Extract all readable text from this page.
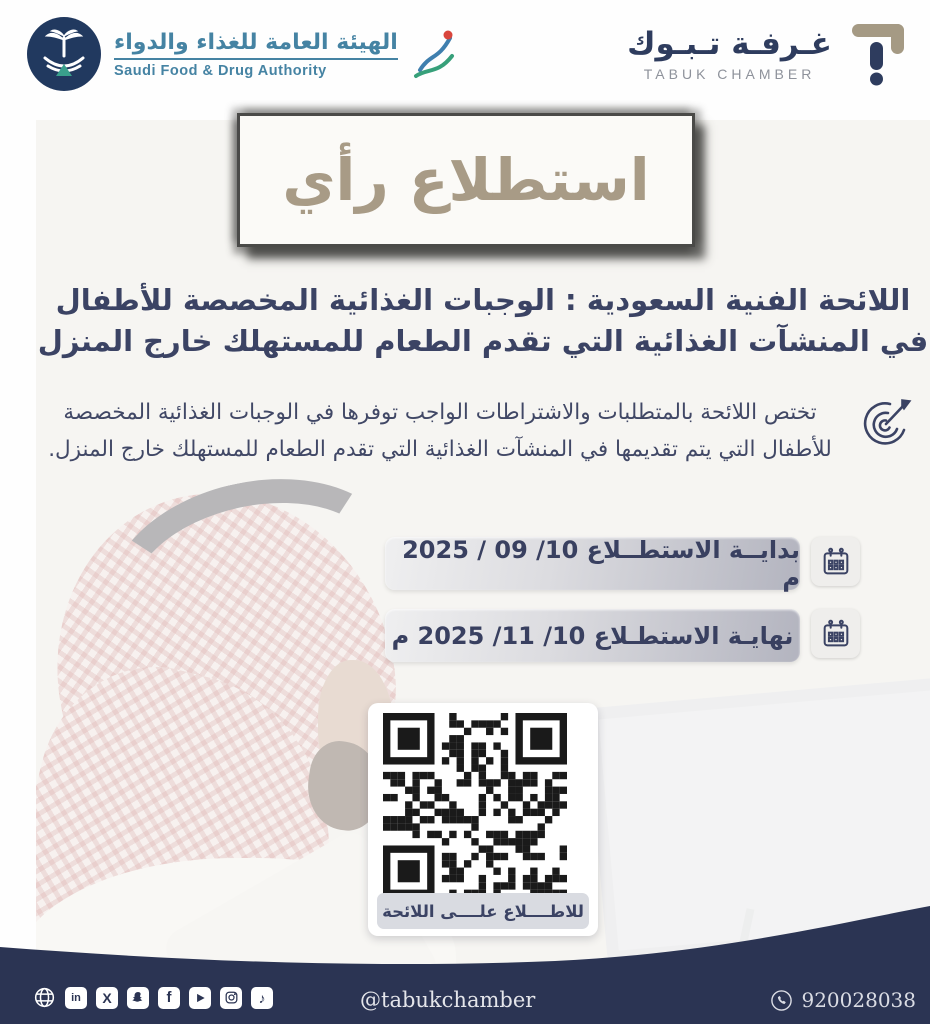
الهيئة العامة للغذاء والدواء
Saudi Food & Drug Authority
غـرفـة تـبـوك
TABUK CHAMBER
استطلاع رأي
اللائحة الفنية السعودية : الوجبات الغذائية المخصصة للأطفال
في المنشآت الغذائية التي تقدم الطعام للمستهلك خارج المنزل
تختص اللائحة بالمتطلبات والاشتراطات الواجب توفرها في الوجبات الغذائية المخصصة
للأطفال التي يتم تقديمها في المنشآت الغذائية التي تقدم الطعام للمستهلك خارج المنزل.
بدايــة الاستطــلاع 10/ 09 / 2025 م
نهايـة الاستطـلاع 10/ 11/ 2025 م
للاطــــلاع علــــى اللائحة
in	X	f	♪	@tabukchamber	920028038
